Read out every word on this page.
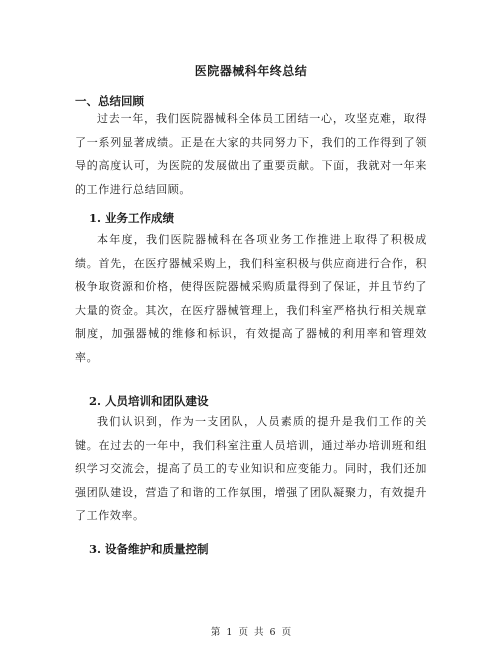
医院器械科年终总结
一、总结回顾
过去一年，我们医院器械科全体员工团结一心，攻坚克难，取得了一系列显著成绩。正是在大家的共同努力下，我们的工作得到了领导的高度认可，为医院的发展做出了重要贡献。下面，我就对一年来的工作进行总结回顾。
1. 业务工作成绩
本年度，我们医院器械科在各项业务工作推进上取得了积极成绩。首先，在医疗器械采购上，我们科室积极与供应商进行合作，积极争取资源和价格，使得医院器械采购质量得到了保证，并且节约了大量的资金。其次，在医疗器械管理上，我们科室严格执行相关规章制度，加强器械的维修和标识，有效提高了器械的利用率和管理效率。
2. 人员培训和团队建设
我们认识到，作为一支团队，人员素质的提升是我们工作的关键。在过去的一年中，我们科室注重人员培训，通过举办培训班和组织学习交流会，提高了员工的专业知识和应变能力。同时，我们还加强团队建设，营造了和谐的工作氛围，增强了团队凝聚力，有效提升了工作效率。
3. 设备维护和质量控制
第 1 页 共 6 页
